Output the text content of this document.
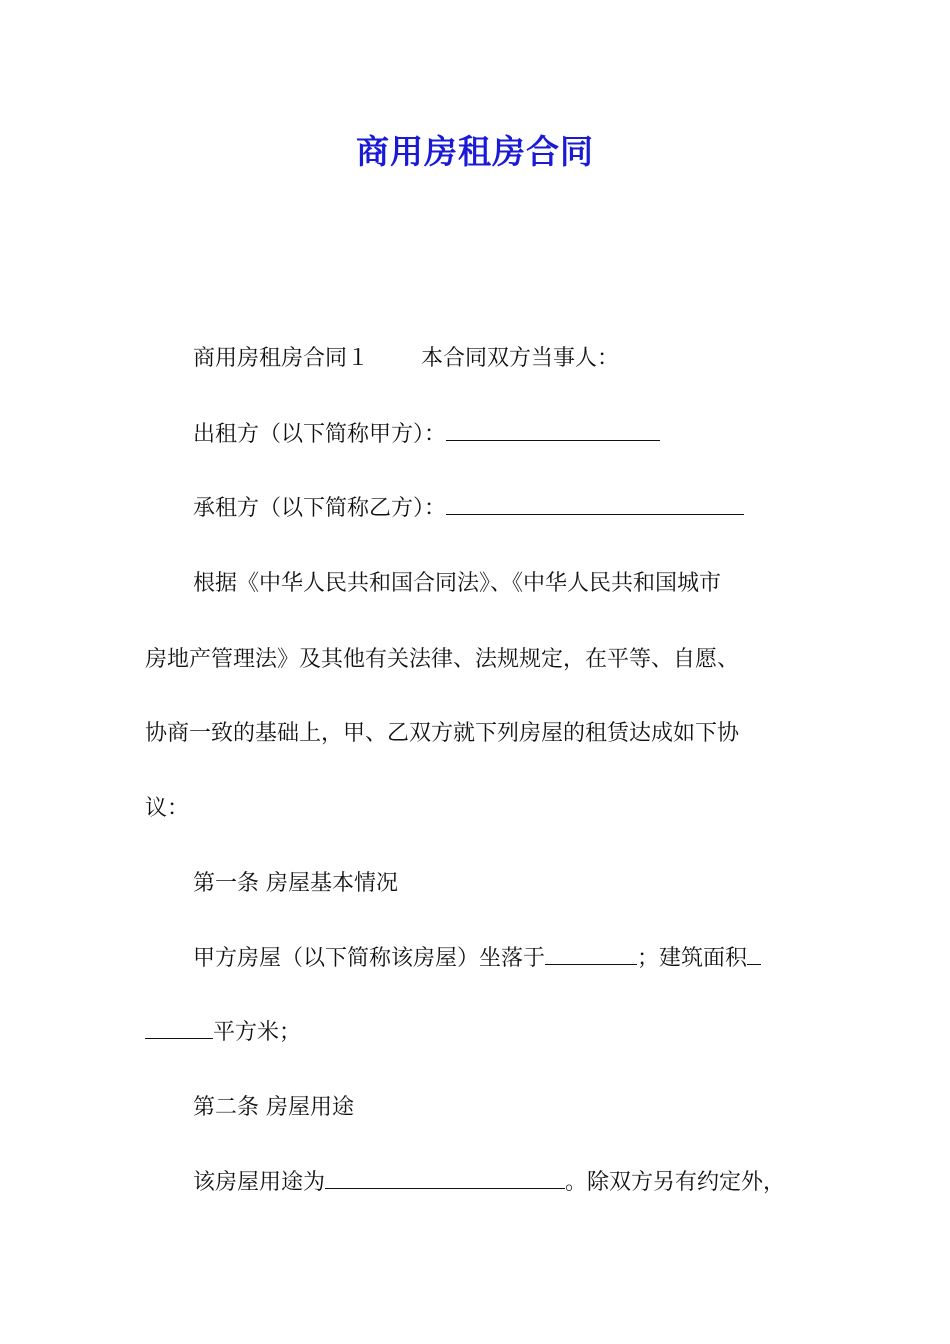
商用房租房合同
商用房租房合同１ 本合同双方当事人：
出租方（以下简称甲方）：
承租方（以下简称乙方）：
根据《中华人民共和国合同法》、《中华人民共和国城市
房地产管理法》及其他有关法律、法规规定，在平等、自愿、
协商一致的基础上，甲、乙双方就下列房屋的租赁达成如下协
议：
第一条 房屋基本情况
甲方房屋（以下简称该房屋）坐落于	；建筑面积
平方米；
第二条 房屋用途
该房屋用途为	。除双方另有约定外，
